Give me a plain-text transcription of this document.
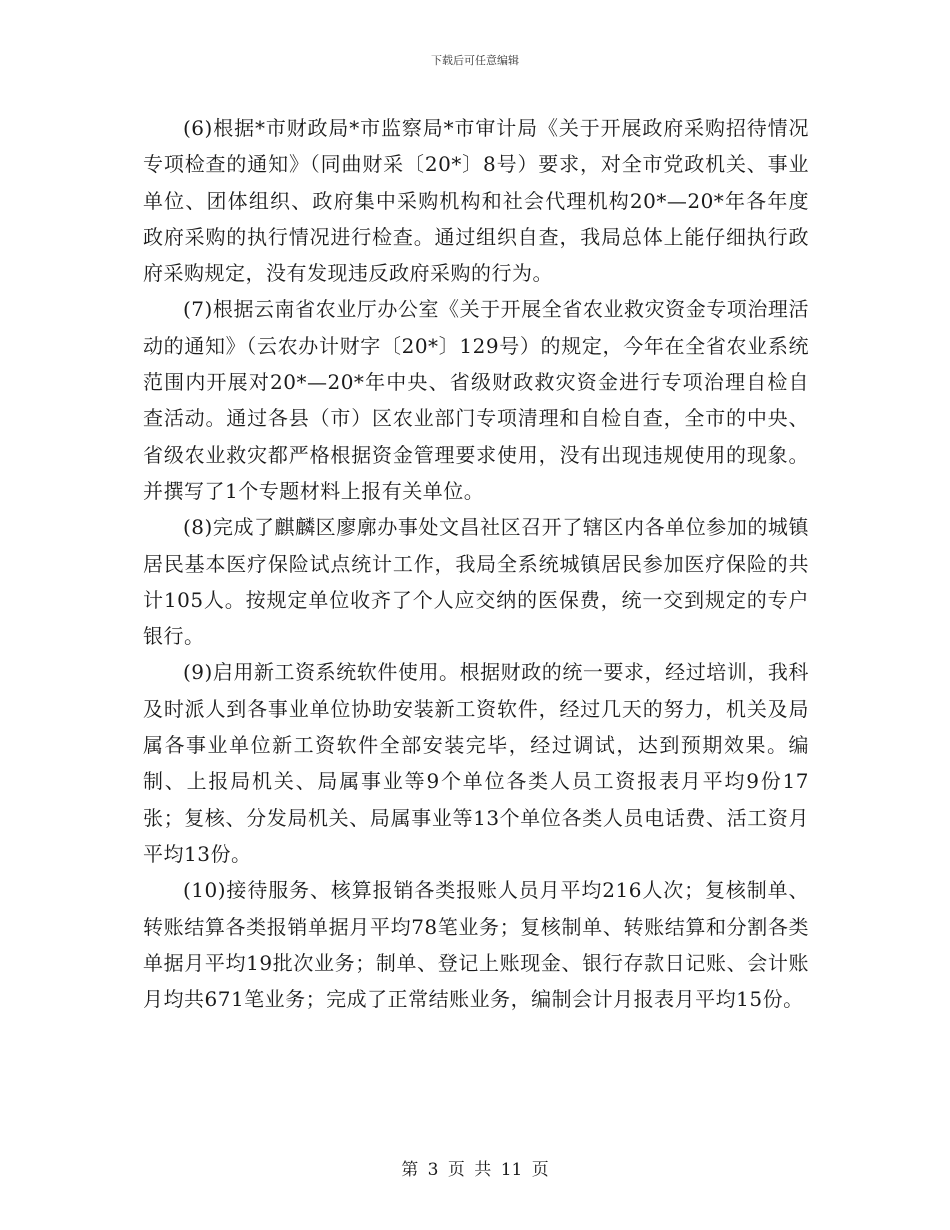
下载后可任意编辑

(6)根据*市财政局*市监察局*市审计局《关于开展政府采购招待情况专项检查的通知》（同曲财采〔20*〕8号）要求，对全市党政机关、事业单位、团体组织、政府集中采购机构和社会代理机构20*—20*年各年度政府采购的执行情况进行检查。通过组织自查，我局总体上能仔细执行政府采购规定，没有发现违反政府采购的行为。

(7)根据云南省农业厅办公室《关于开展全省农业救灾资金专项治理活动的通知》（云农办计财字〔20*〕129号）的规定，今年在全省农业系统范围内开展对20*—20*年中央、省级财政救灾资金进行专项治理自检自查活动。通过各县（市）区农业部门专项清理和自检自查，全市的中央、省级农业救灾都严格根据资金管理要求使用，没有出现违规使用的现象。并撰写了1个专题材料上报有关单位。

(8)完成了麒麟区廖廓办事处文昌社区召开了辖区内各单位参加的城镇居民基本医疗保险试点统计工作，我局全系统城镇居民参加医疗保险的共计105人。按规定单位收齐了个人应交纳的医保费，统一交到规定的专户银行。

(9)启用新工资系统软件使用。根据财政的统一要求，经过培训，我科及时派人到各事业单位协助安装新工资软件，经过几天的努力，机关及局属各事业单位新工资软件全部安装完毕，经过调试，达到预期效果。编制、上报局机关、局属事业等9个单位各类人员工资报表月平均9份17张；复核、分发局机关、局属事业等13个单位各类人员电话费、活工资月平均13份。

(10)接待服务、核算报销各类报账人员月平均216人次；复核制单、转账结算各类报销单据月平均78笔业务；复核制单、转账结算和分割各类单据月平均19批次业务；制单、登记上账现金、银行存款日记账、会计账月均共671笔业务；完成了正常结账业务，编制会计月报表月平均15份。

第 3 页 共 11 页
